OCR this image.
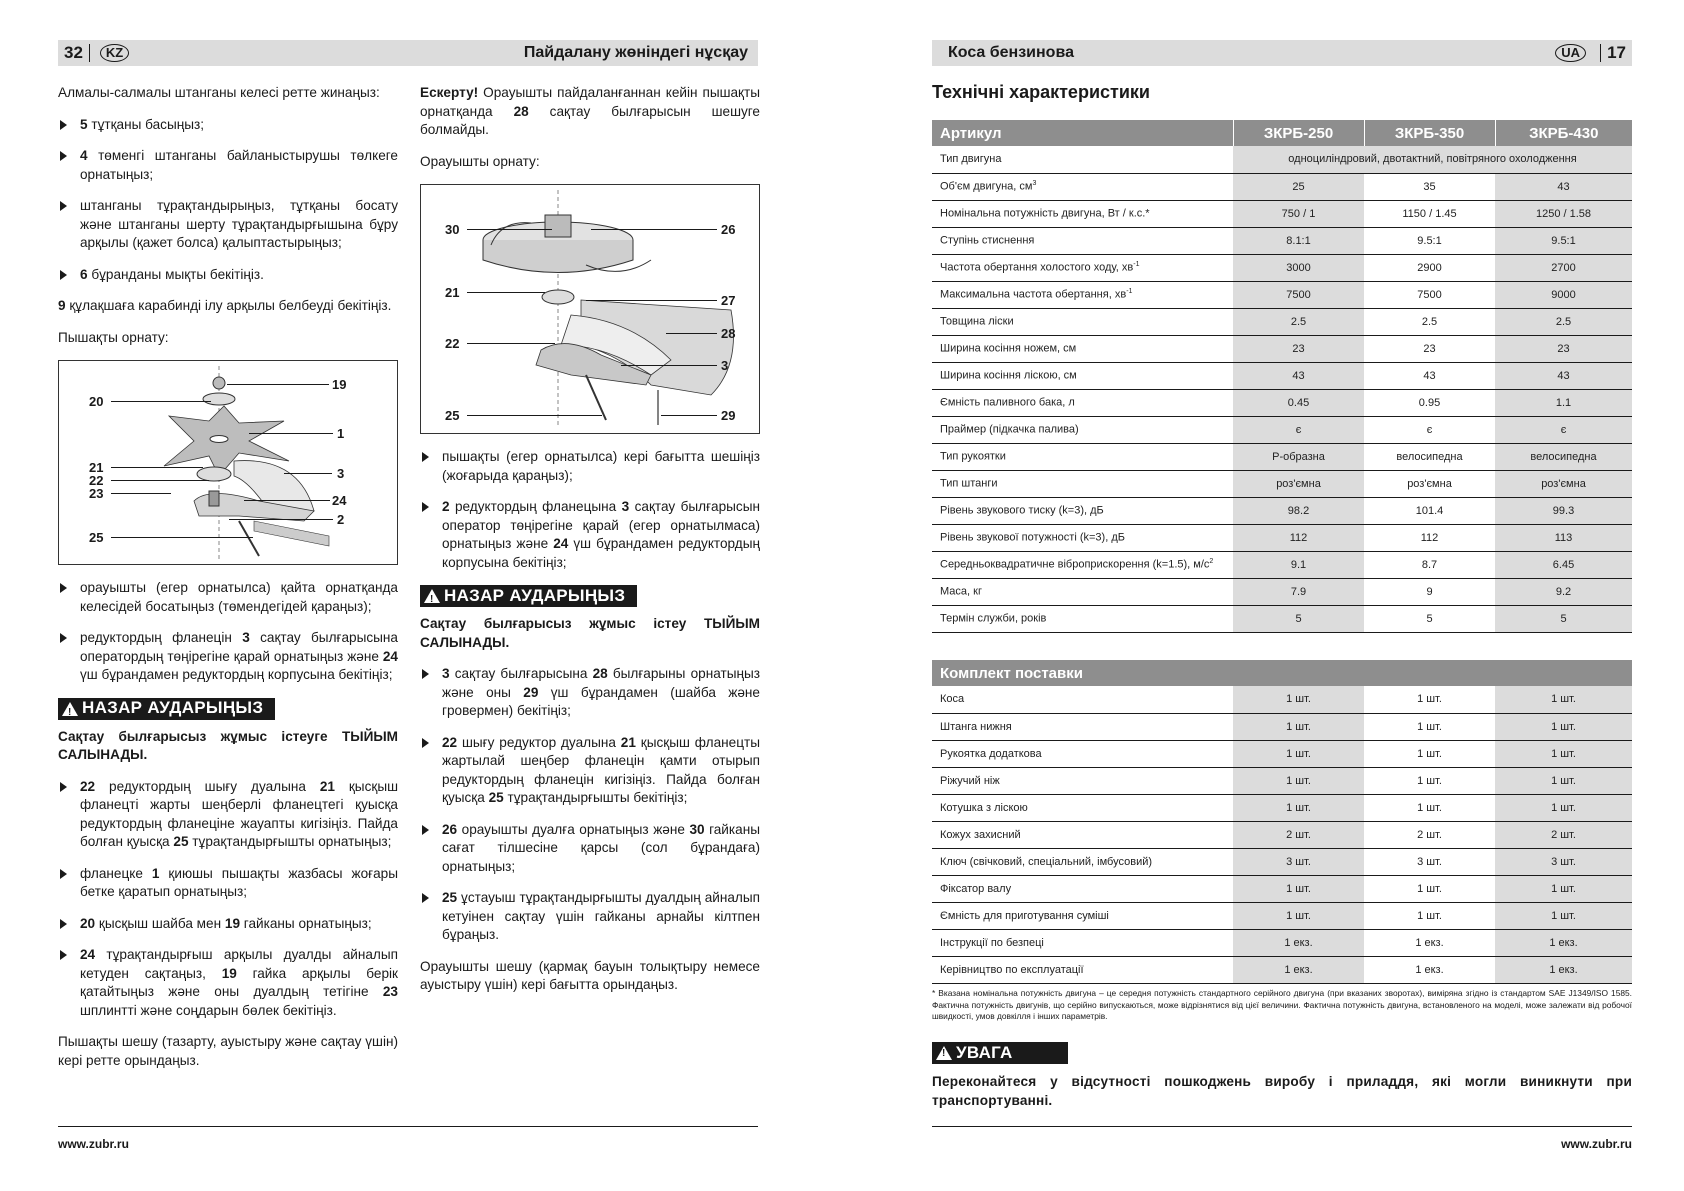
32	KZ	Пайдалану жөніндегі нұсқау

Алмалы-салмалы штанганы келесі ретте жинаңыз:

5 тұтқаны басыңыз;
4 төменгі штанганы байланыстырушы төлкеге орнатыңыз;
штанганы тұрақтандырыңыз, тұтқаны босату және штанганы шерту тұрақтандырғышына бұру арқылы (қажет болса) қалыптастырыңыз;
6 бұранданы мықты бекітіңіз.

9 құлақшаға карабинді ілу арқылы белбеуді бекітіңіз.

Пышақты орнату:

20
19
1
21
22
23
3
24
2
25
орауышты (егер орнатылса) қайта орнатқанда келесідей босатыңыз (төмендегідей қараңыз);
редуктордың фланецін 3 сақтау былғарысына оператордың төңірегіне қарай орнатыңыз және 24 үш бұрандамен редуктордың корпусына бекітіңіз;
!
НАЗАР АУДАРЫҢЫЗ

Сақтау былғарысыз жұмыс істеуге ТЫЙЫМ САЛЫНАДЫ.

22 редуктордың шығу дуалына 21 қысқыш фланецті жарты шеңберлі фланецтегі қуысқа редуктордың фланеціне жауапты кигізіңіз. Пайда болған қуысқа 25 тұрақтандырғышты орнатыңыз;
фланецке 1 қиюшы пышақты жазбасы жоғары бетке қаратып орнатыңыз;
20 қысқыш шайба мен 19 гайканы орнатыңыз;
24 тұрақтандырғыш арқылы дуалды айналып кетуден сақтаңыз, 19 гайка арқылы берік қатайтыңыз және оны дуалдың тетігіне 23 шплинтті және соңдарын бөлек бекітіңіз.

Пышақты шешу (тазарту, ауыстыру және сақтау үшін) кері ретте орындаңыз.

Ескерту! Орауышты пайдаланғаннан кейін пышақты орнатқанда 28 сақтау былғарысын шешуге болмайды.

Орауышты орнату:

30	26
21
27
28
22
3
25	29
пышақты (егер орнатылса) кері бағытта шешіңіз (жоғарыда қараңыз);
2 редуктордың фланецына 3 сақтау былғарысын оператор төңірегіне қарай (егер орнатылмаса) орнатыңыз және 24 үш бұрандамен редуктордың корпусына бекітіңіз;
!
НАЗАР АУДАРЫҢЫЗ

Сақтау былғарысыз жұмыс істеу ТЫЙЫМ САЛЫНАДЫ.

3 сақтау былғарысына 28 былғарыны орнатыңыз және оны 29 үш бұрандамен (шайба және гровермен) бекітіңіз;
22 шығу редуктор дуалына 21 қысқыш фланецты жартылай шеңбер фланецін қамти отырып редуктордың фланецін кигізіңіз. Пайда болған қуысқа 25 тұрақтандырғышты бекітіңіз;
26 орауышты дуалға орнатыңыз және 30 гайканы сағат тілшесіне қарсы (сол бұрандаға) орнатыңыз;
25 ұстауыш тұрақтандырғышты дуалдың айналып кетуінен сақтау үшін гайканы арнайы кілтпен бұраңыз.

Орауышты шешу (қармақ бауын толықтыру немесе ауыстыру үшін) кері бағытта орындаңыз.

www.zubr.ru
Коса бензинова	UA	17
Технічні характеристики
Артикул	ЗКРБ-250	ЗКРБ-350	ЗКРБ-430
Тип двигуна	одноциліндровий, двотактний, повітряного охолодження		
Об'єм двигуна, $см^3$	25	35	43
Номінальна потужність двигуна, Вт / к.с.*	750 / 1	1150 / 1.45	1250 / 1.58
Ступінь стиснення	8.1:1	9.5:1	9.5:1
Частота обертання холостого ходу, $хв^{-1}$	3000	2900	2700
Максимальна частота обертання, $хв^{-1}$	7500	7500	9000
Товщина ліски	2.5	2.5	2.5
Ширина косіння ножем, см	23	23	23
Ширина косіння ліскою, см	43	43	43
Ємність паливного бака, л	0.45	0.95	1.1
Праймер (підкачка палива)	є	є	є
Тип рукоятки	Р-образна	велосипедна	велосипедна
Тип штанги	роз'ємна	роз'ємна	роз'ємна
Рівень звукового тиску (k=3), дБ	98.2	101.4	99.3
Рівень звукової потужності (k=3), дБ	112	112	113
Середньоквадратичне віброприскорення (k=1.5), $м/с^2$	9.1	8.7	6.45
Маса, кг	7.9	9	9.2
Термін служби, років	5	5	5
Комплект поставки			
Коса	1 шт.	1 шт.	1 шт.
Штанга нижня	1 шт.	1 шт.	1 шт.
Рукоятка додаткова	1 шт.	1 шт.	1 шт.
Ріжучий ніж	1 шт.	1 шт.	1 шт.
Котушка з ліскою	1 шт.	1 шт.	1 шт.
Кожух захисний	2 шт.	2 шт.	2 шт.
Ключ (свічковий, спеціальний, імбусовий)	3 шт.	3 шт.	3 шт.
Фіксатор валу	1 шт.	1 шт.	1 шт.
Ємність для приготування суміші	1 шт.	1 шт.	1 шт.
Інструкції по безпеці	1 екз.	1 екз.	1 екз.
Керівництво по експлуатації	1 екз.	1 екз.	1 екз.

* Вказана номінальна потужність двигуна – це середня потужність стандартного серійного двигуна (при вказаних зворотах), виміряна згідно із стандартом SAE J1349/ISO 1585. Фактична потужність двигунів, що серійно випускаються, може відрізнятися від цієї величини. Фактична потужність двигуна, встановленого на моделі, може залежати від робочої швидкості, умов довкілля і інших параметрів.

!
УВАГА

Переконайтеся у відсутності пошкоджень виробу і приладдя, які могли виникнути при транспортуванні.

www.zubr.ru
